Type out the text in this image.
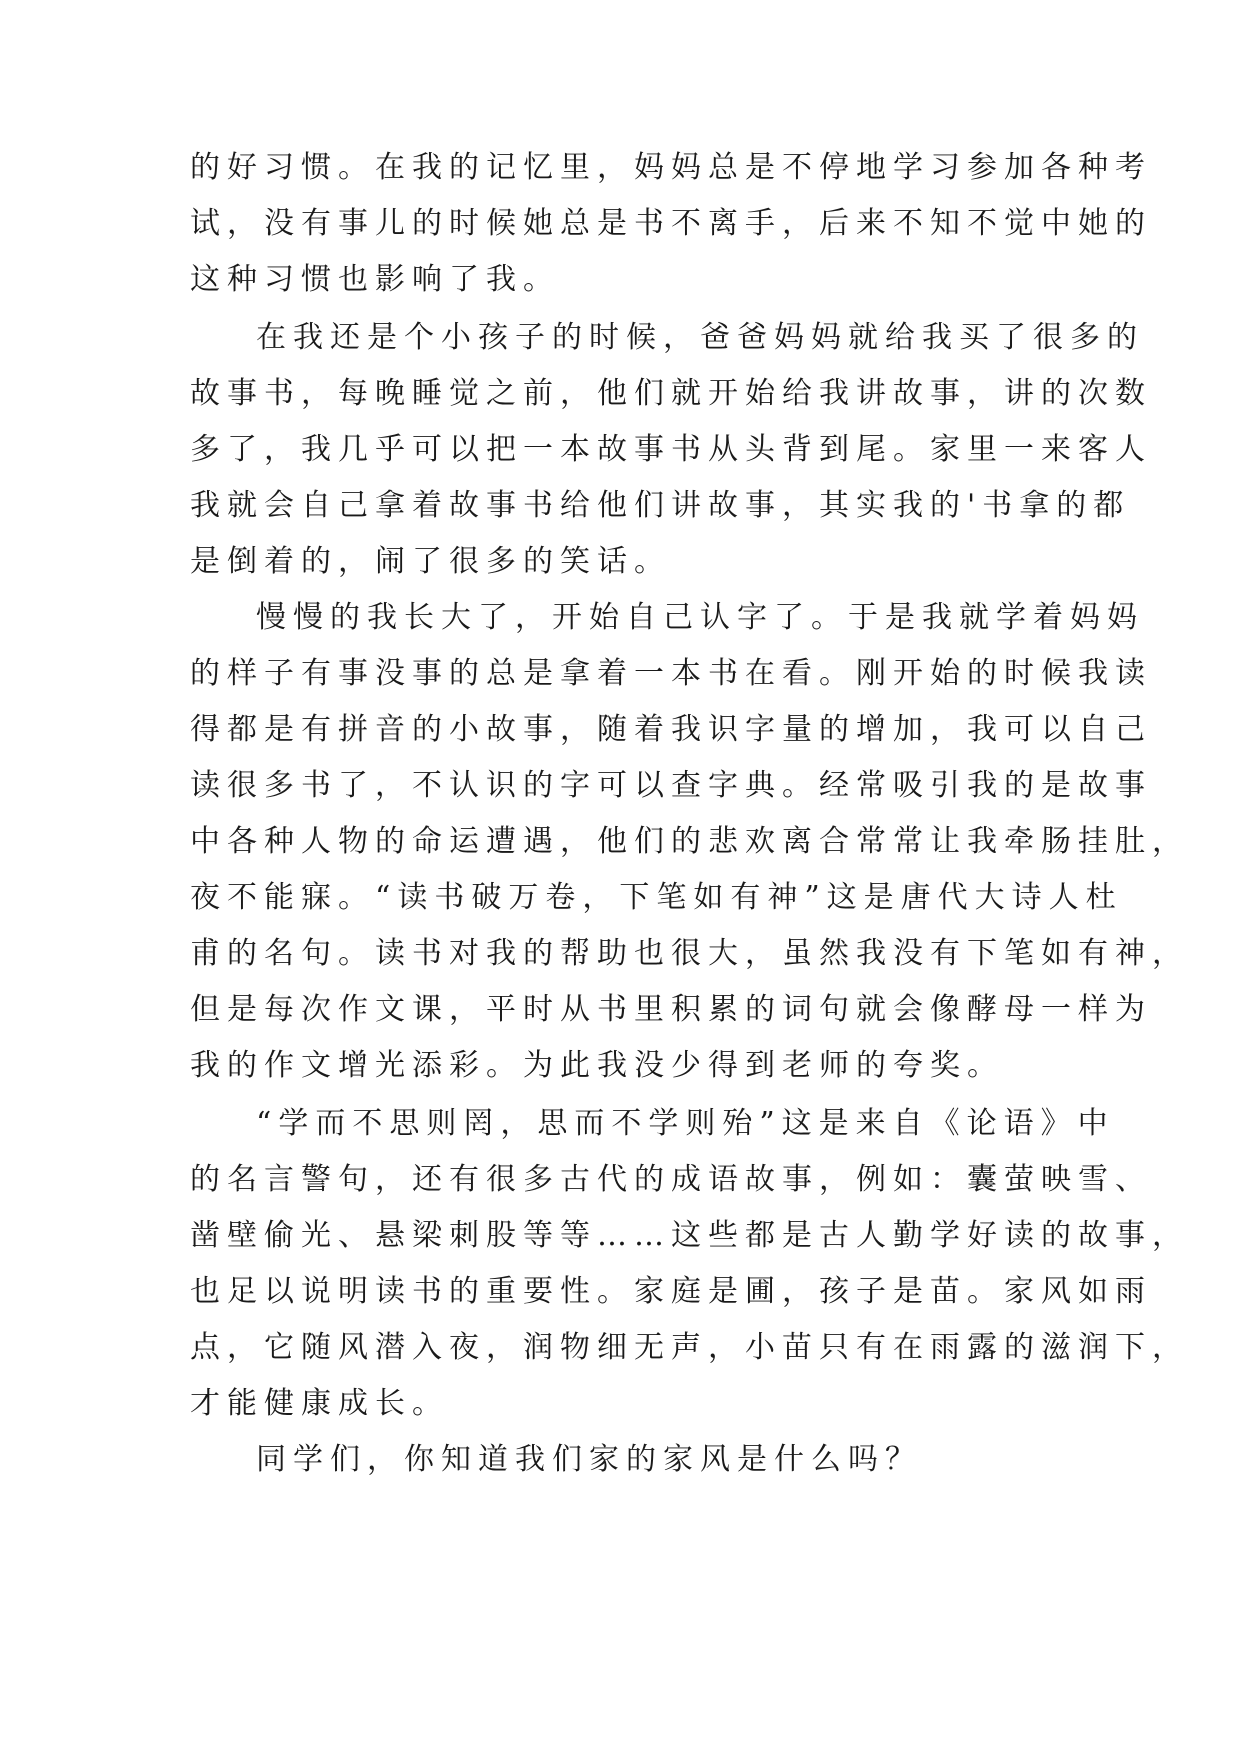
的好习惯。在我的记忆里，妈妈总是不停地学习参加各种考
试，没有事儿的时候她总是书不离手，后来不知不觉中她的
这种习惯也影响了我。
在我还是个小孩子的时候，爸爸妈妈就给我买了很多的
故事书，每晚睡觉之前，他们就开始给我讲故事，讲的次数
多了，我几乎可以把一本故事书从头背到尾。家里一来客人
我就会自己拿着故事书给他们讲故事，其实我的'书拿的都
是倒着的，闹了很多的笑话。
慢慢的我长大了，开始自己认字了。于是我就学着妈妈
的样子有事没事的总是拿着一本书在看。刚开始的时候我读
得都是有拼音的小故事，随着我识字量的增加，我可以自己
读很多书了，不认识的字可以查字典。经常吸引我的是故事
中各种人物的命运遭遇，他们的悲欢离合常常让我牵肠挂肚，
夜不能寐。“读书破万卷，下笔如有神”这是唐代大诗人杜
甫的名句。读书对我的帮助也很大，虽然我没有下笔如有神，
但是每次作文课，平时从书里积累的词句就会像酵母一样为
我的作文增光添彩。为此我没少得到老师的夸奖。
“学而不思则罔，思而不学则殆”这是来自《论语》中
的名言警句，还有很多古代的成语故事，例如：囊萤映雪、
凿壁偷光、悬梁刺股等等……这些都是古人勤学好读的故事，
也足以说明读书的重要性。家庭是圃，孩子是苗。家风如雨
点，它随风潜入夜，润物细无声，小苗只有在雨露的滋润下，
才能健康成长。
同学们，你知道我们家的家风是什么吗？
